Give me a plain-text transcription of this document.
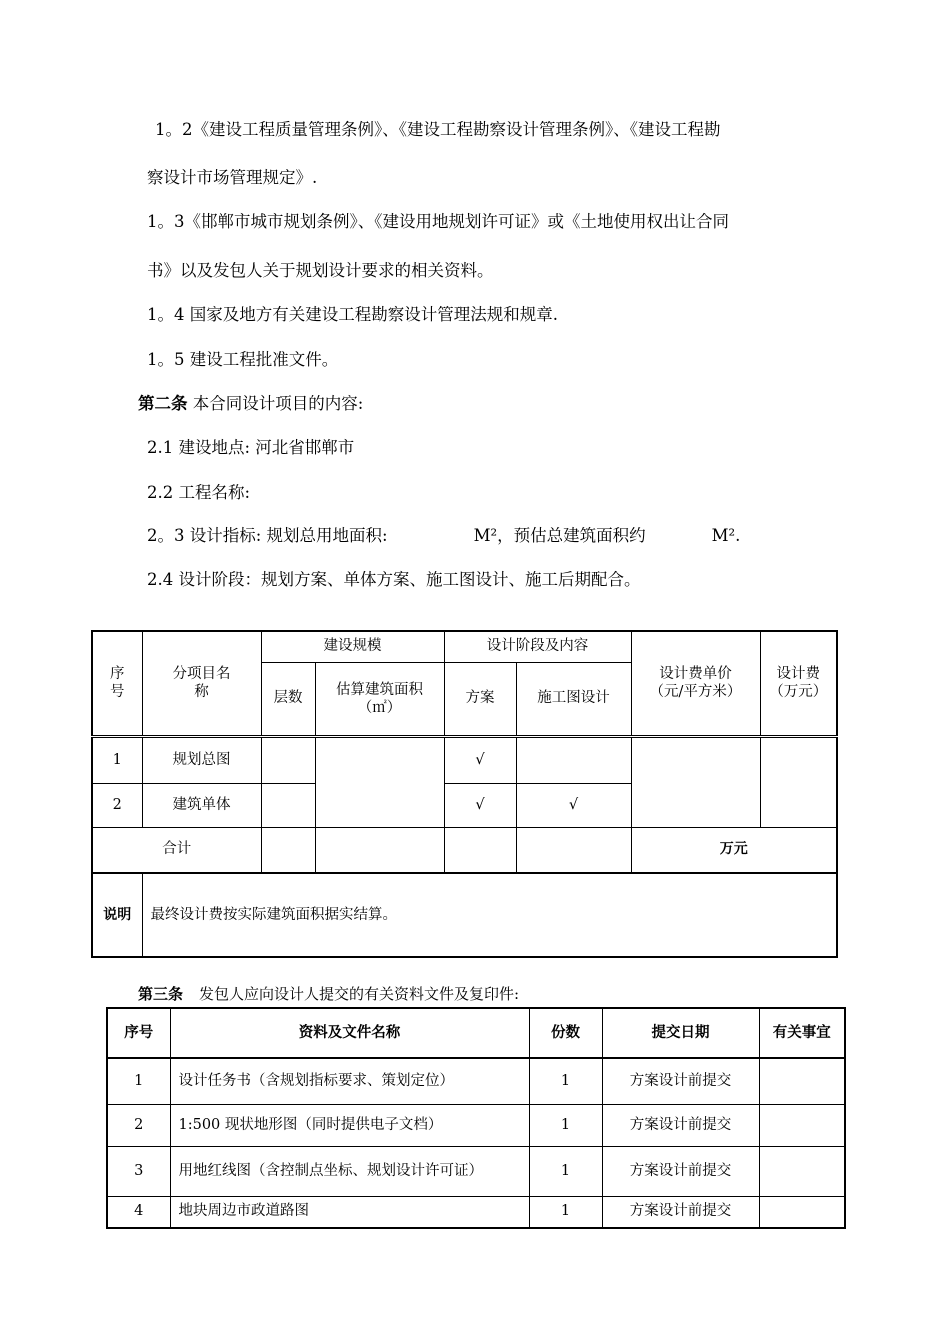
1。2《建设工程质量管理条例》、《建设工程勘察设计管理条例》、《建设工程勘
察设计市场管理规定》.
1。3《邯郸市城市规划条例》、《建设用地规划许可证》或《土地使用权出让合同
书》以及发包人关于规划设计要求的相关资料。
1。4 国家及地方有关建设工程勘察设计管理法规和规章.
1。5 建设工程批准文件。
第二条 本合同设计项目的内容:
2.1 建设地点: 河北省邯郸市
2.2 工程名称:
2。3 设计指标: 规划总用地面积:	M²，预估总建筑面积约	M².
2.4 设计阶段：规划方案、单体方案、施工图设计、施工后期配合。
序号	分项目名称	建设规模		设计阶段及内容		设计费单价（元/平方米）	设计费（万元）
		层数	估算建筑面积（㎡）	方案	施工图设计		
1	规划总图			√			
2	建筑单体			√	√		
合计						万元	
说明	最终设计费按实际建筑面积据实结算。						
第三条 发包人应向设计人提交的有关资料文件及复印件:
序号	资料及文件名称	份数	提交日期	有关事宜
1	设计任务书（含规划指标要求、策划定位）	1	方案设计前提交	
2	1:500 现状地形图（同时提供电子文档）	1	方案设计前提交	
3	用地红线图（含控制点坐标、规划设计许可证）	1	方案设计前提交	
4	地块周边市政道路图	1	方案设计前提交	
